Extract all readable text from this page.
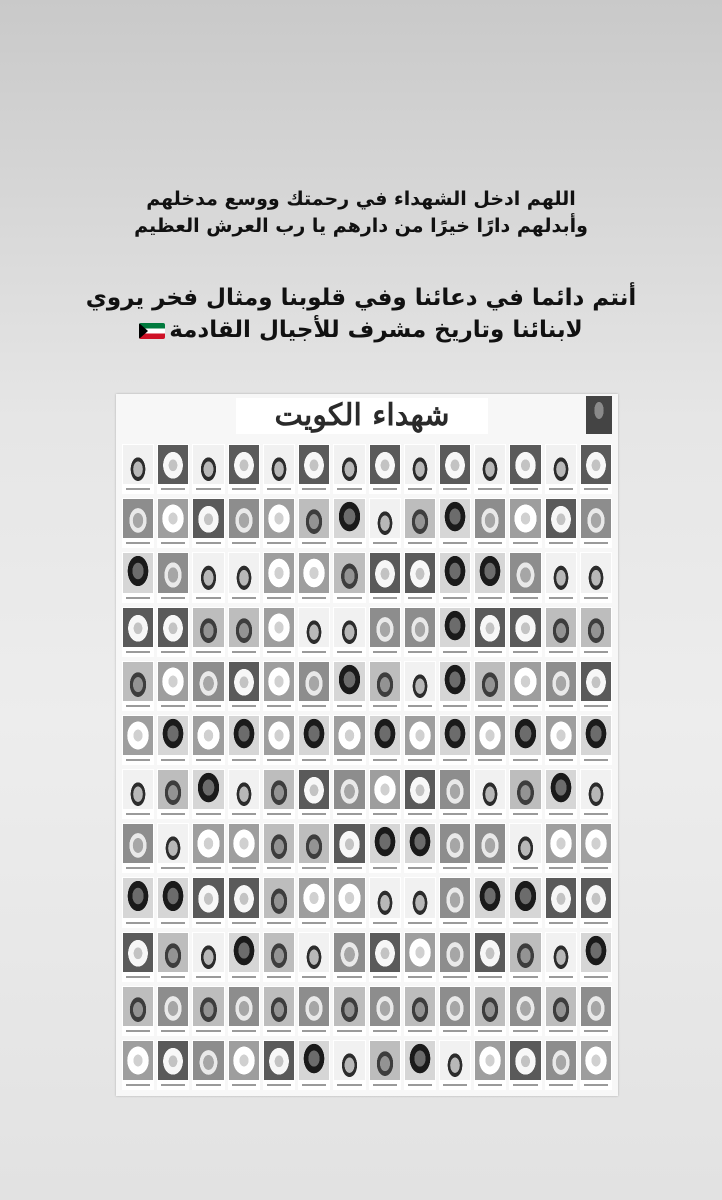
اللهم ادخل الشهداء في رحمتك ووسع مدخلهم
وأبدلهم دارًا خيرًا من دارهم يا رب العرش العظيم
أنتم دائما في دعائنا وفي قلوبنا ومثال فخر يروي
لابنائنا وتاريخ مشرف للأجيال القادمة
شهداء الكويت
